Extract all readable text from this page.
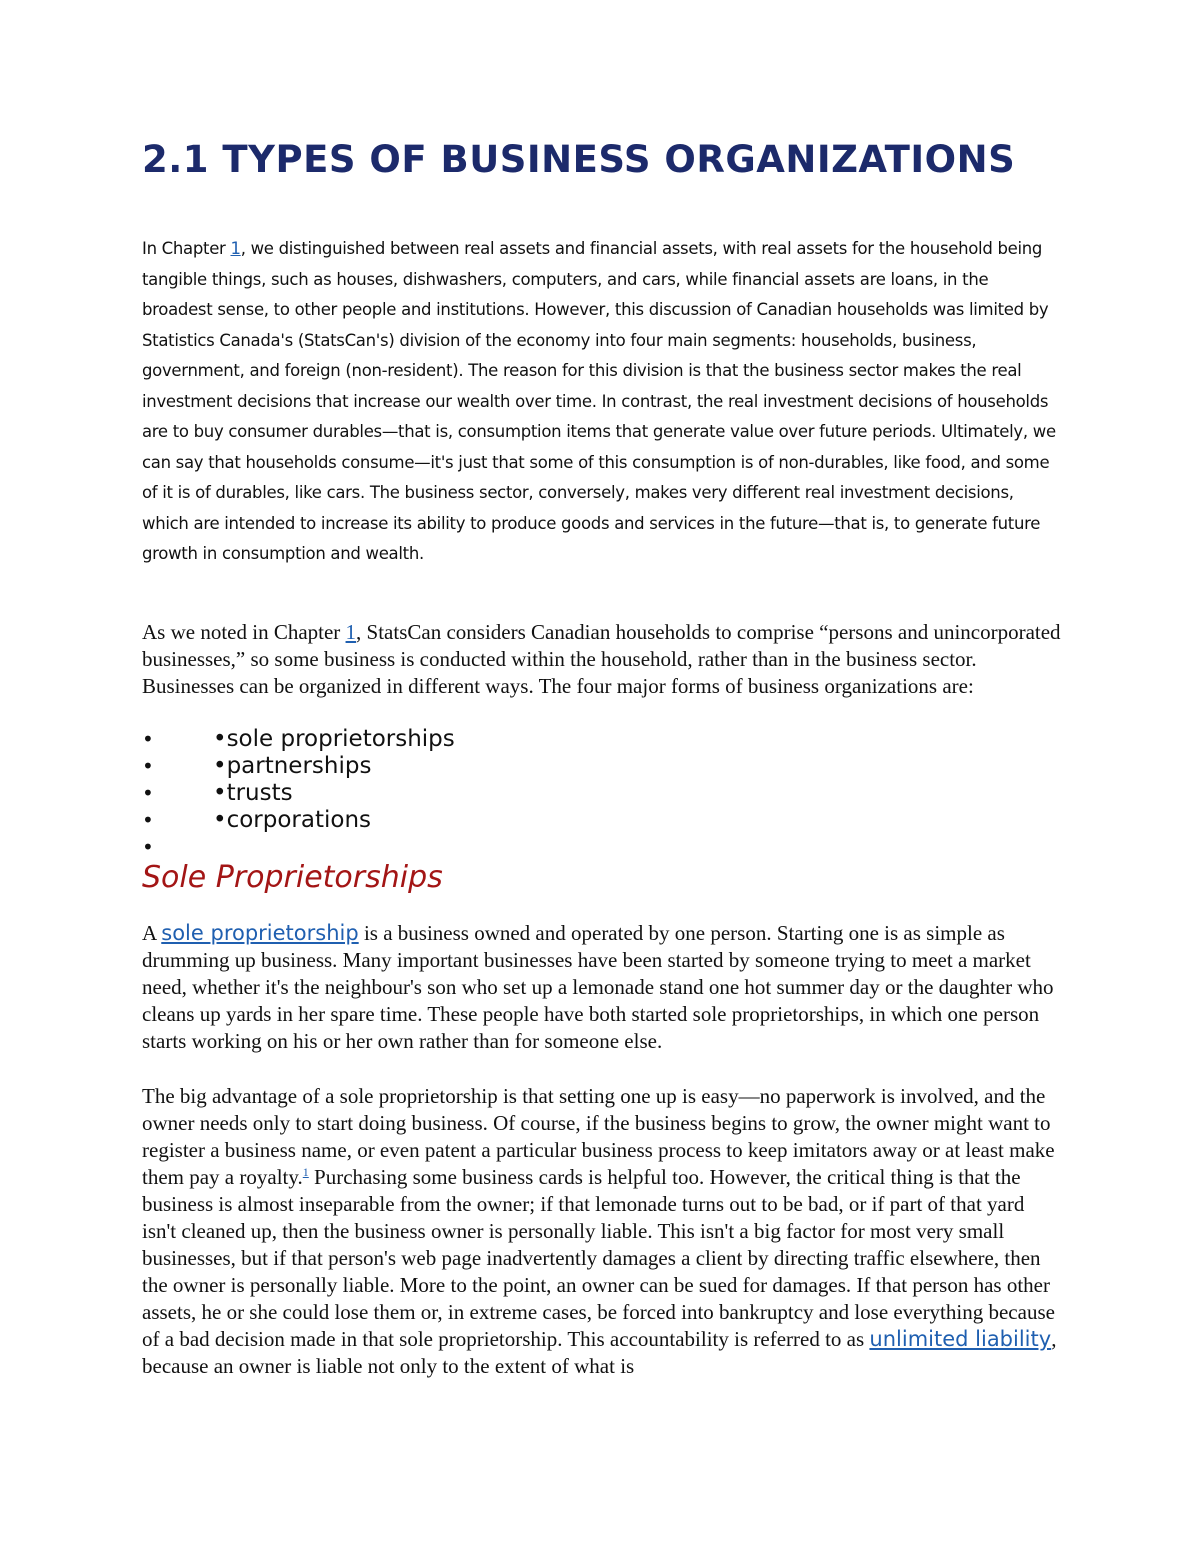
2.1 TYPES OF BUSINESS ORGANIZATIONS

In Chapter 1, we distinguished between real assets and financial assets, with real assets for the household being tangible things, such as houses, dishwashers, computers, and cars, while financial assets are loans, in the broadest sense, to other people and institutions. However, this discussion of Canadian households was limited by Statistics Canada's (StatsCan's) division of the economy into four main segments: households, business, government, and foreign (non-resident). The reason for this division is that the business sector makes the real investment decisions that increase our wealth over time. In contrast, the real investment decisions of households are to buy consumer durables—that is, consumption items that generate value over future periods. Ultimately, we can say that households consume—it's just that some of this consumption is of non-durables, like food, and some of it is of durables, like cars. The business sector, conversely, makes very different real investment decisions, which are intended to increase its ability to produce goods and services in the future—that is, to generate future growth in consumption and wealth.

As we noted in Chapter 1, StatsCan considers Canadian households to comprise “persons and unincorporated businesses,” so some business is conducted within the household, rather than in the business sector. Businesses can be organized in different ways. The four major forms of business organizations are:

•	•sole proprietorships
•	•partnerships
•	•trusts
•	•corporations
•
Sole Proprietorships

A sole proprietorship is a business owned and operated by one person. Starting one is as simple as drumming up business. Many important businesses have been started by someone trying to meet a market need, whether it's the neighbour's son who set up a lemonade stand one hot summer day or the daughter who cleans up yards in her spare time. These people have both started sole proprietorships, in which one person starts working on his or her own rather than for someone else.

The big advantage of a sole proprietorship is that setting one up is easy—no paperwork is involved, and the owner needs only to start doing business. Of course, if the business begins to grow, the owner might want to register a business name, or even patent a particular business process to keep imitators away or at least make them pay a royalty.$^1$ Purchasing some business cards is helpful too. However, the critical thing is that the business is almost inseparable from the owner; if that lemonade turns out to be bad, or if part of that yard isn't cleaned up, then the business owner is personally liable. This isn't a big factor for most very small businesses, but if that person's web page inadvertently damages a client by directing traffic elsewhere, then the owner is personally liable. More to the point, an owner can be sued for damages. If that person has other assets, he or she could lose them or, in extreme cases, be forced into bankruptcy and lose everything because of a bad decision made in that sole proprietorship. This accountability is referred to as unlimited liability, because an owner is liable not only to the extent of what is
